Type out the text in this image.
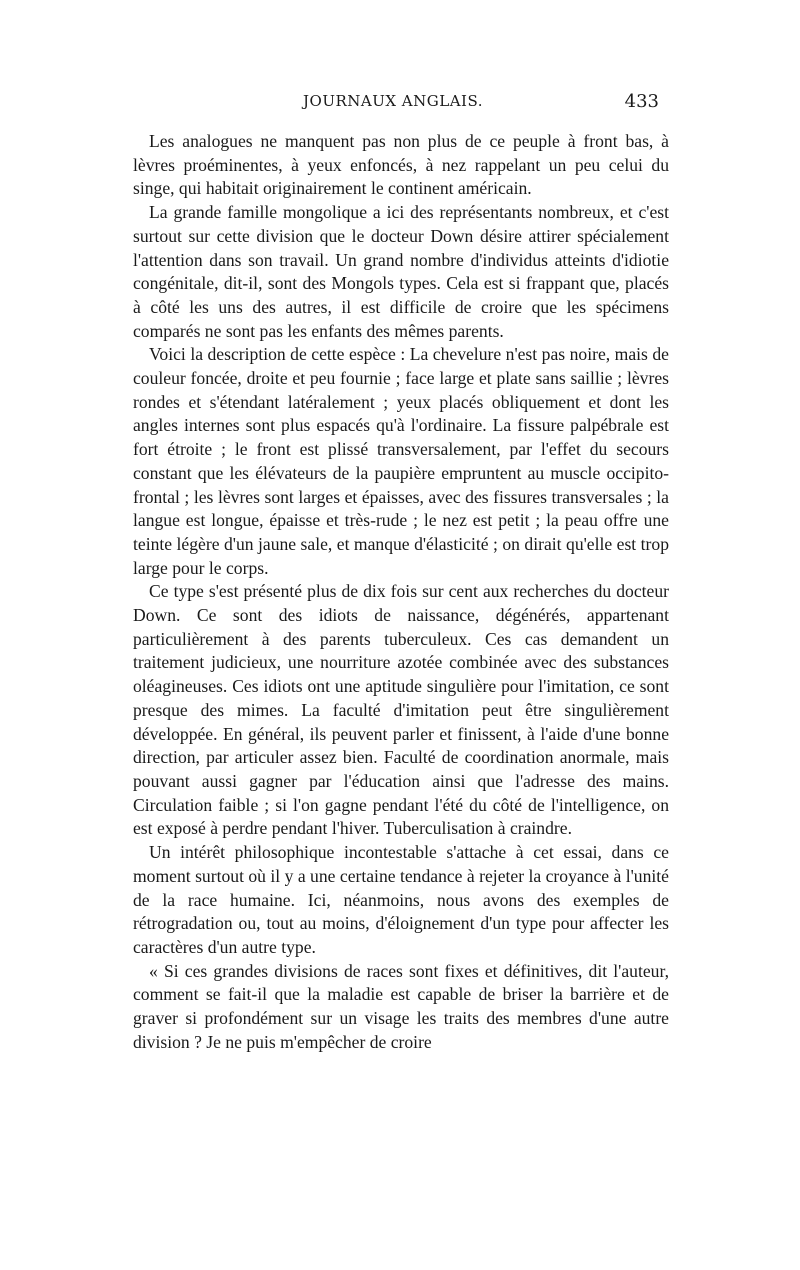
JOURNAUX ANGLAIS.	433

Les analogues ne manquent pas non plus de ce peuple à front bas, à lèvres proéminentes, à yeux enfoncés, à nez rappelant un peu celui du singe, qui habitait originairement le continent américain.

La grande famille mongolique a ici des représentants nombreux, et c'est surtout sur cette division que le docteur Down désire attirer spécialement l'attention dans son travail. Un grand nombre d'individus atteints d'idiotie congénitale, dit-il, sont des Mongols types. Cela est si frappant que, placés à côté les uns des autres, il est difficile de croire que les spécimens comparés ne sont pas les enfants des mêmes parents.

Voici la description de cette espèce : La chevelure n'est pas noire, mais de couleur foncée, droite et peu fournie ; face large et plate sans saillie ; lèvres rondes et s'étendant latéralement ; yeux placés obliquement et dont les angles internes sont plus espacés qu'à l'ordinaire. La fissure palpébrale est fort étroite ; le front est plissé transversalement, par l'effet du secours constant que les élévateurs de la paupière empruntent au muscle occipito-frontal ; les lèvres sont larges et épaisses, avec des fissures transversales ; la langue est longue, épaisse et très-rude ; le nez est petit ; la peau offre une teinte légère d'un jaune sale, et manque d'élasticité ; on dirait qu'elle est trop large pour le corps.

Ce type s'est présenté plus de dix fois sur cent aux recherches du docteur Down. Ce sont des idiots de naissance, dégénérés, appartenant particulièrement à des parents tuberculeux. Ces cas demandent un traitement judicieux, une nourriture azotée combinée avec des substances oléagineuses. Ces idiots ont une aptitude singulière pour l'imitation, ce sont presque des mimes. La faculté d'imitation peut être singulièrement développée. En général, ils peuvent parler et finissent, à l'aide d'une bonne direction, par articuler assez bien. Faculté de coordination anormale, mais pouvant aussi gagner par l'éducation ainsi que l'adresse des mains. Circulation faible ; si l'on gagne pendant l'été du côté de l'intelligence, on est exposé à perdre pendant l'hiver. Tuberculisation à craindre.

Un intérêt philosophique incontestable s'attache à cet essai, dans ce moment surtout où il y a une certaine tendance à rejeter la croyance à l'unité de la race humaine. Ici, néanmoins, nous avons des exemples de rétrogradation ou, tout au moins, d'éloignement d'un type pour affecter les caractères d'un autre type.

« Si ces grandes divisions de races sont fixes et définitives, dit l'auteur, comment se fait-il que la maladie est capable de briser la barrière et de graver si profondément sur un visage les traits des membres d'une autre division ? Je ne puis m'empêcher de croire
